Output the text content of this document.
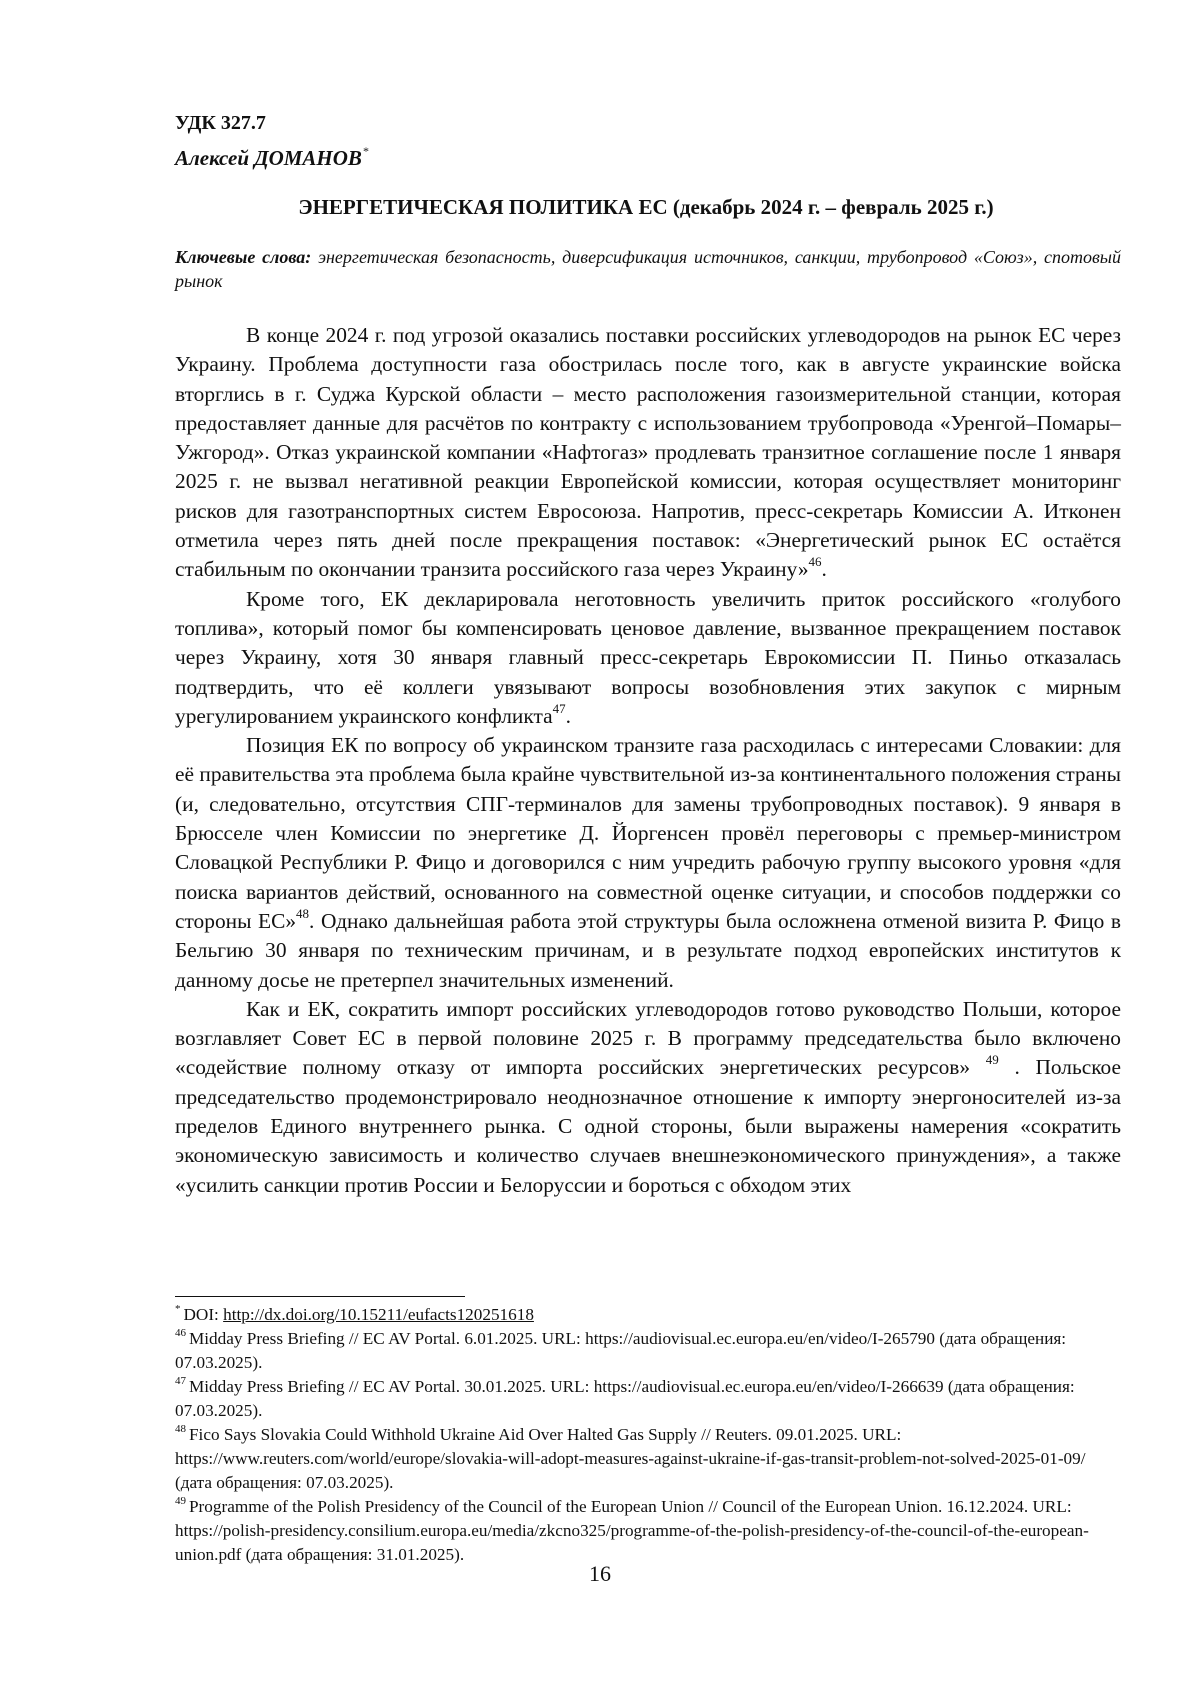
УДК 327.7
Алексей ДОМАНОВ*
ЭНЕРГЕТИЧЕСКАЯ ПОЛИТИКА ЕС (декабрь 2024 г. – февраль 2025 г.)
Ключевые слова: энергетическая безопасность, диверсификация источников, санкции, трубопровод «Союз», спотовый рынок

В конце 2024 г. под угрозой оказались поставки российских углеводородов на рынок ЕС через Украину. Проблема доступности газа обострилась после того, как в августе украинские войска вторглись в г. Суджа Курской области – место расположения газоизмерительной станции, которая предоставляет данные для расчётов по контракту с использованием трубопровода «Уренгой–Помары–Ужгород». Отказ украинской компании «Нафтогаз» продлевать транзитное соглашение после 1 января 2025 г. не вызвал негативной реакции Европейской комиссии, которая осуществляет мониторинг рисков для газотранспортных систем Евросоюза. Напротив, пресс-секретарь Комиссии А. Итконен отметила через пять дней после прекращения поставок: «Энергетический рынок ЕС остаётся стабильным по окончании транзита российского газа через Украину»$^{46}$.

Кроме того, ЕК декларировала неготовность увеличить приток российского «голубого топлива», который помог бы компенсировать ценовое давление, вызванное прекращением поставок через Украину, хотя 30 января главный пресс-секретарь Еврокомиссии П. Пиньо отказалась подтвердить, что её коллеги увязывают вопросы возобновления этих закупок с мирным урегулированием украинского конфликта$^{47}$.

Позиция ЕК по вопросу об украинском транзите газа расходилась с интересами Словакии: для её правительства эта проблема была крайне чувствительной из-за континентального положения страны (и, следовательно, отсутствия СПГ-терминалов для замены трубопроводных поставок). 9 января в Брюсселе член Комиссии по энергетике Д. Йоргенсен провёл переговоры с премьер-министром Словацкой Республики Р. Фицо и договорился с ним учредить рабочую группу высокого уровня «для поиска вариантов действий, основанного на совместной оценке ситуации, и способов поддержки со стороны ЕС»$^{48}$. Однако дальнейшая работа этой структуры была осложнена отменой визита Р. Фицо в Бельгию 30 января по техническим причинам, и в результате подход европейских институтов к данному досье не претерпел значительных изменений.

Как и ЕК, сократить импорт российских углеводородов готово руководство Польши, которое возглавляет Совет ЕС в первой половине 2025 г. В программу председательства было включено «содействие полному отказу от импорта российских энергетических ресурсов» $^{49}$ . Польское председательство продемонстрировало неоднозначное отношение к импорту энергоносителей из-за пределов Единого внутреннего рынка. С одной стороны, были выражены намерения «сократить экономическую зависимость и количество случаев внешнеэкономического принуждения», а также «усилить санкции против России и Белоруссии и бороться с обходом этих

* DOI: http://dx.doi.org/10.15211/eufacts120251618

$^{46}$ Midday Press Briefing // EC AV Portal. 6.01.2025. URL: https://audiovisual.ec.europa.eu/en/video/I-265790 (дата обращения: 07.03.2025).

$^{47}$ Midday Press Briefing // EC AV Portal. 30.01.2025. URL: https://audiovisual.ec.europa.eu/en/video/I-266639 (дата обращения: 07.03.2025).

$^{48}$ Fico Says Slovakia Could Withhold Ukraine Aid Over Halted Gas Supply // Reuters. 09.01.2025. URL: https://www.reuters.com/world/europe/slovakia-will-adopt-measures-against-ukraine-if-gas-transit-problem-not-solved-2025-01-09/ (дата обращения: 07.03.2025).

$^{49}$ Programme of the Polish Presidency of the Council of the European Union // Council of the European Union. 16.12.2024. URL: https://polish-presidency.consilium.europa.eu/media/zkcno325/programme-of-the-polish-presidency-of-the-council-of-the-european-union.pdf (дата обращения: 31.01.2025).

16
